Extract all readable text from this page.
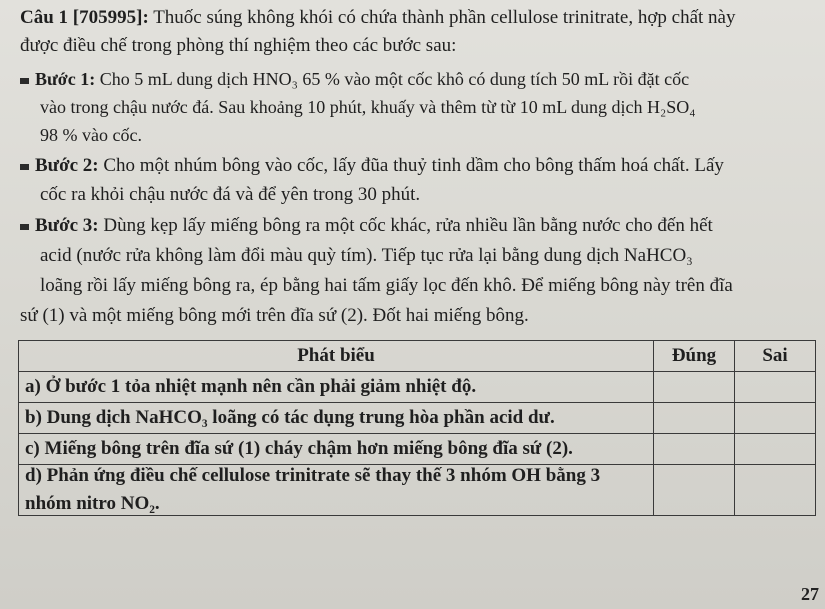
Câu 1 [705995]: Thuốc súng không khói có chứa thành phần cellulose trinitrate, hợp chất này
được điều chế trong phòng thí nghiệm theo các bước sau:
Bước 1: Cho 5 mL dung dịch HNO₃ 65 % vào một cốc khô có dung tích 50 mL rồi đặt cốc
vào trong chậu nước đá. Sau khoảng 10 phút, khuấy và thêm từ từ 10 mL dung dịch H₂SO₄
98 % vào cốc.
Bước 2: Cho một nhúm bông vào cốc, lấy đũa thuỷ tinh dầm cho bông thấm hoá chất. Lấy
cốc ra khỏi chậu nước đá và để yên trong 30 phút.
Bước 3: Dùng kẹp lấy miếng bông ra một cốc khác, rửa nhiều lần bằng nước cho đến hết
acid (nước rửa không làm đổi màu quỳ tím). Tiếp tục rửa lại bằng dung dịch NaHCO₃
loãng rồi lấy miếng bông ra, ép bằng hai tấm giấy lọc đến khô. Để miếng bông này trên đĩa
sứ (1) và một miếng bông mới trên đĩa sứ (2). Đốt hai miếng bông.
Phát biểu	Đúng	Sai
a) Ở bước 1 tỏa nhiệt mạnh nên cần phải giảm nhiệt độ.		
b) Dung dịch NaHCO₃ loãng có tác dụng trung hòa phần acid dư.		
c) Miếng bông trên đĩa sứ (1) cháy chậm hơn miếng bông đĩa sứ (2).		

d) Phản ứng điều chế cellulose trinitrate sẽ thay thế 3 nhóm OH bằng 3
nhóm nitro NO₂.		

27
